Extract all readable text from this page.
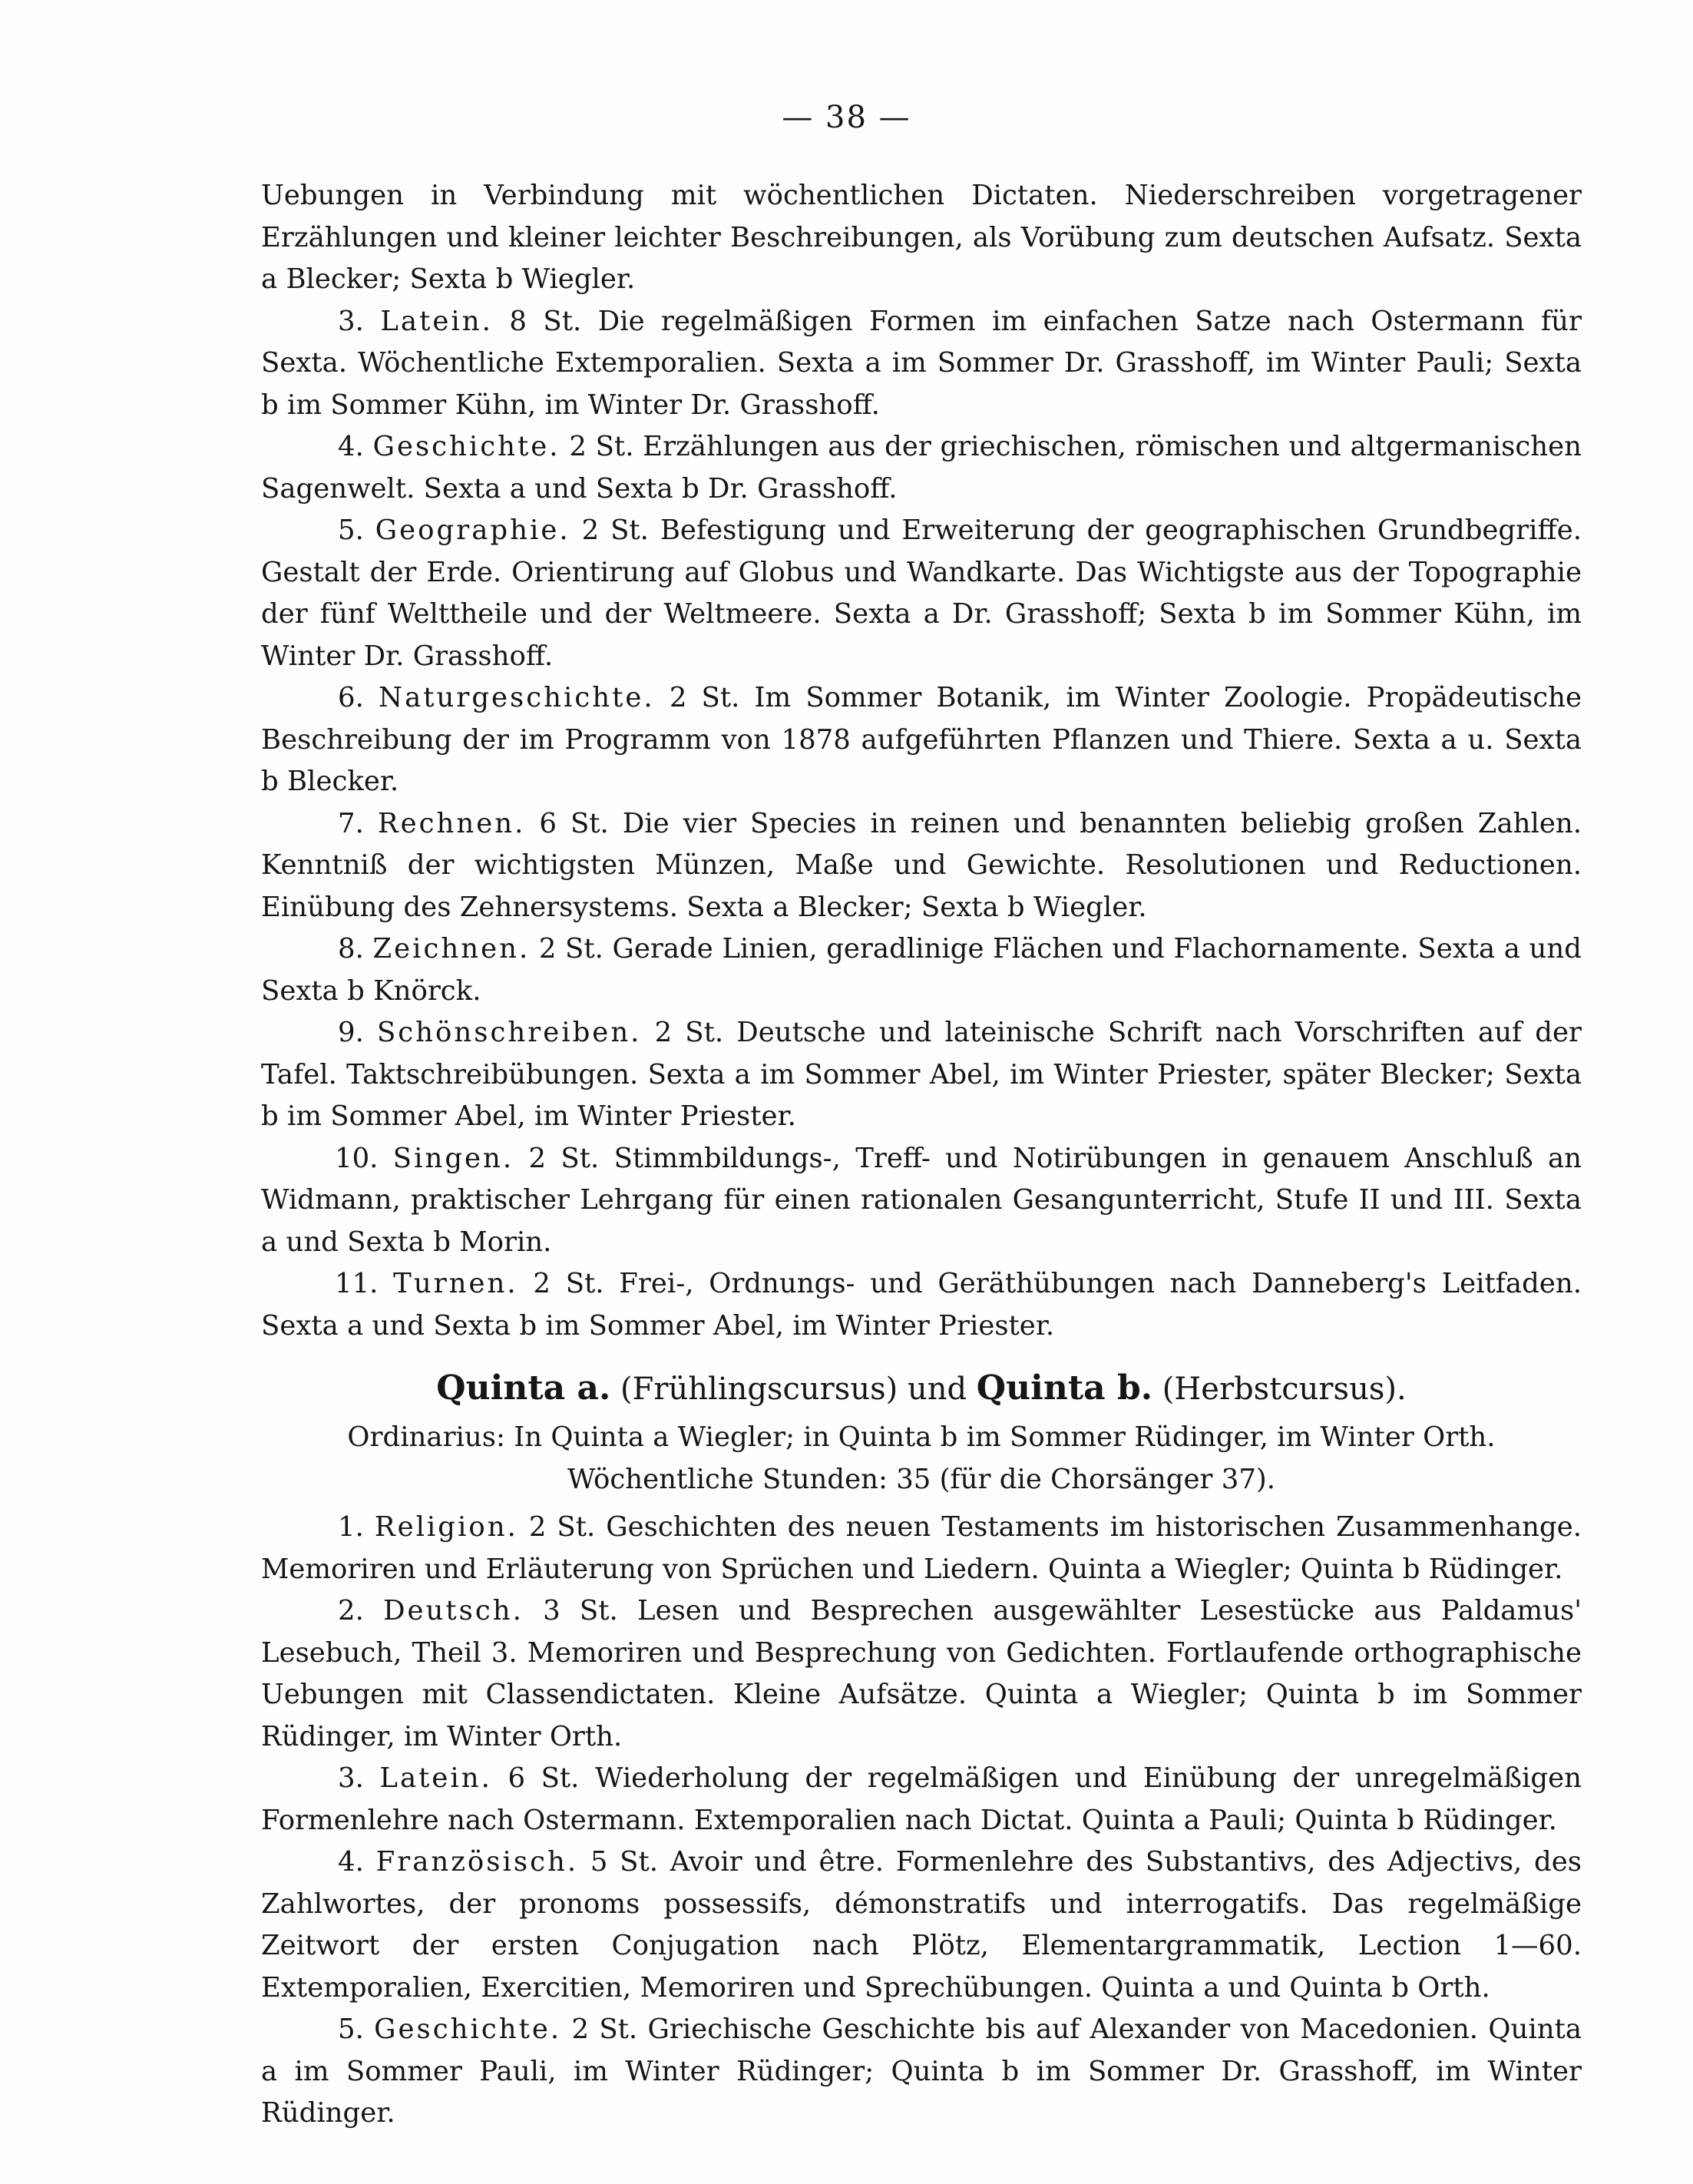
— 38 —

Uebungen in Verbindung mit wöchentlichen Dictaten. Niederschreiben vorgetragener Erzählungen und kleiner leichter Beschreibungen, als Vorübung zum deutschen Aufsatz. Sexta a Blecker; Sexta b Wiegler.

3. Latein. 8 St. Die regelmäßigen Formen im einfachen Satze nach Ostermann für Sexta. Wöchentliche Extemporalien. Sexta a im Sommer Dr. Grasshoff, im Winter Pauli; Sexta b im Sommer Kühn, im Winter Dr. Grasshoff.

4. Geschichte. 2 St. Erzählungen aus der griechischen, römischen und altgermanischen Sagenwelt. Sexta a und Sexta b Dr. Grasshoff.

5. Geographie. 2 St. Befestigung und Erweiterung der geographischen Grundbegriffe. Gestalt der Erde. Orientirung auf Globus und Wandkarte. Das Wichtigste aus der Topographie der fünf Welttheile und der Weltmeere. Sexta a Dr. Grasshoff; Sexta b im Sommer Kühn, im Winter Dr. Grasshoff.

6. Naturgeschichte. 2 St. Im Sommer Botanik, im Winter Zoologie. Propädeutische Beschreibung der im Programm von 1878 aufgeführten Pflanzen und Thiere. Sexta a u. Sexta b Blecker.

7. Rechnen. 6 St. Die vier Species in reinen und benannten beliebig großen Zahlen. Kenntniß der wichtigsten Münzen, Maße und Gewichte. Resolutionen und Reductionen. Einübung des Zehnersystems. Sexta a Blecker; Sexta b Wiegler.

8. Zeichnen. 2 St. Gerade Linien, geradlinige Flächen und Flachornamente. Sexta a und Sexta b Knörck.

9. Schönschreiben. 2 St. Deutsche und lateinische Schrift nach Vorschriften auf der Tafel. Taktschreibübungen. Sexta a im Sommer Abel, im Winter Priester, später Blecker; Sexta b im Sommer Abel, im Winter Priester.

10. Singen. 2 St. Stimmbildungs-, Treff- und Notirübungen in genauem Anschluß an Widmann, praktischer Lehrgang für einen rationalen Gesangunterricht, Stufe II und III. Sexta a und Sexta b Morin.

11. Turnen. 2 St. Frei-, Ordnungs- und Geräthübungen nach Danneberg's Leitfaden. Sexta a und Sexta b im Sommer Abel, im Winter Priester.

Quinta a. (Frühlingscursus) und Quinta b. (Herbstcursus).

Ordinarius: In Quinta a Wiegler; in Quinta b im Sommer Rüdinger, im Winter Orth.

Wöchentliche Stunden: 35 (für die Chorsänger 37).

1. Religion. 2 St. Geschichten des neuen Testaments im historischen Zusammenhange. Memoriren und Erläuterung von Sprüchen und Liedern. Quinta a Wiegler; Quinta b Rüdinger.

2. Deutsch. 3 St. Lesen und Besprechen ausgewählter Lesestücke aus Paldamus' Lesebuch, Theil 3. Memoriren und Besprechung von Gedichten. Fortlaufende orthographische Uebungen mit Classendictaten. Kleine Aufsätze. Quinta a Wiegler; Quinta b im Sommer Rüdinger, im Winter Orth.

3. Latein. 6 St. Wiederholung der regelmäßigen und Einübung der unregelmäßigen Formenlehre nach Ostermann. Extemporalien nach Dictat. Quinta a Pauli; Quinta b Rüdinger.

4. Französisch. 5 St. Avoir und être. Formenlehre des Substantivs, des Adjectivs, des Zahlwortes, der pronoms possessifs, démonstratifs und interrogatifs. Das regelmäßige Zeitwort der ersten Conjugation nach Plötz, Elementargrammatik, Lection 1—60. Extemporalien, Exercitien, Memoriren und Sprechübungen. Quinta a und Quinta b Orth.

5. Geschichte. 2 St. Griechische Geschichte bis auf Alexander von Macedonien. Quinta a im Sommer Pauli, im Winter Rüdinger; Quinta b im Sommer Dr. Grasshoff, im Winter Rüdinger.
